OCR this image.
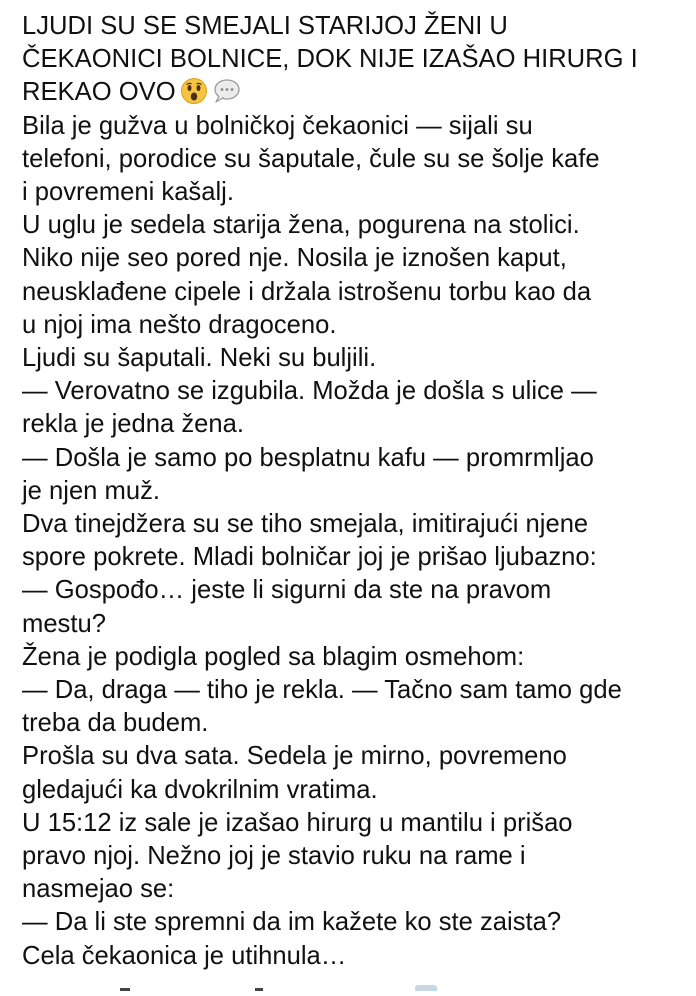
LJUDI SU SE SMEJALI STARIJOJ ŽENI U
ČEKAONICI BOLNICE, DOK NIJE IZAŠAO HIRURG I
REKAO OVO
Bila je gužva u bolničkoj čekaonici — sijali su
telefoni, porodice su šaputale, čule su se šolje kafe
i povremeni kašalj.
U uglu je sedela starija žena, pogurena na stolici.
Niko nije seo pored nje. Nosila je iznošen kaput,
neusklađene cipele i držala istrošenu torbu kao da
u njoj ima nešto dragoceno.
Ljudi su šaputali. Neki su buljili.
— Verovatno se izgubila. Možda je došla s ulice —
rekla je jedna žena.
— Došla je samo po besplatnu kafu — promrmljao
je njen muž.
Dva tinejdžera su se tiho smejala, imitirajući njene
spore pokrete. Mladi bolničar joj je prišao ljubazno:
— Gospođo… jeste li sigurni da ste na pravom
mestu?
Žena je podigla pogled sa blagim osmehom:
— Da, draga — tiho je rekla. — Tačno sam tamo gde
treba da budem.
Prošla su dva sata. Sedela je mirno, povremeno
gledajući ka dvokrilnim vratima.
U 15:12 iz sale je izašao hirurg u mantilu i prišao
pravo njoj. Nežno joj je stavio ruku na rame i
nasmejao se:
— Da li ste spremni da im kažete ko ste zaista?
Cela čekaonica je utihnula…
